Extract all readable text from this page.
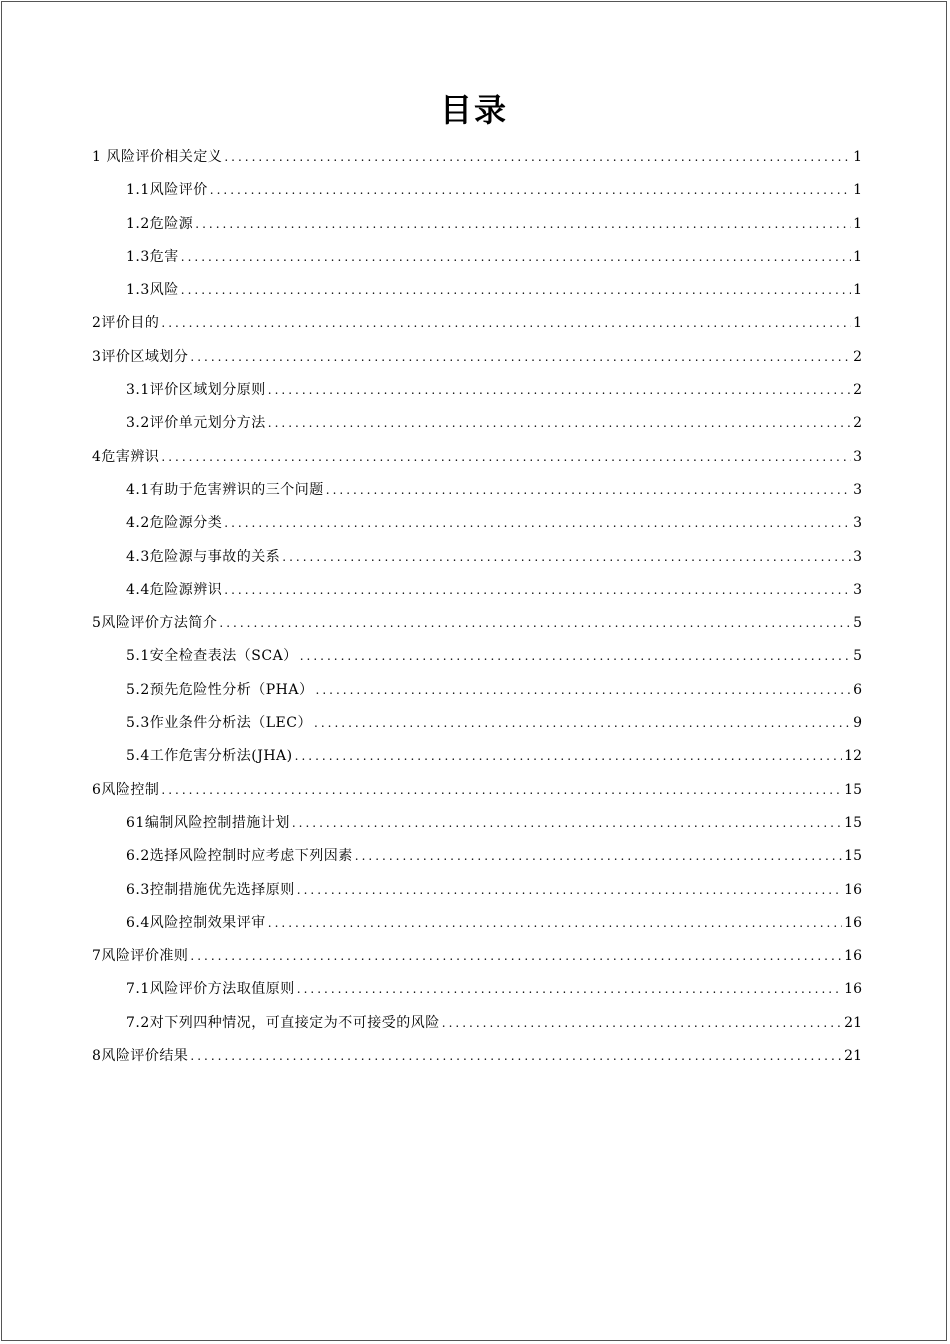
目录
1 风险评价相关定义 .....	1
1.1风险评价 .....	1
1.2危险源 .....	1
1.3危害 .....	1
1.3风险 .....	1
2评价目的 .....	1
3评价区域划分 .....	2
3.1评价区域划分原则 .....	2
3.2评价单元划分方法 .....	2
4危害辨识 .....	3
4.1有助于危害辨识的三个问题 .....	3
4.2危险源分类 .....	3
4.3危险源与事故的关系 .....	3
4.4危险源辨识 .....	3
5风险评价方法简介 .....	5
5.1安全检查表法（SCA） .....	5
5.2预先危险性分析（PHA） .....	6
5.3作业条件分析法（LEC） .....	9
5.4工作危害分析法(JHA) .....	12
6风险控制 .....	15
61编制风险控制措施计划 .....	15
6.2选择风险控制时应考虑下列因素 .....	15
6.3控制措施优先选择原则 .....	16
6.4风险控制效果评审 .....	16
7风险评价准则 .....	16
7.1风险评价方法取值原则 .....	16
7.2对下列四种情况，可直接定为不可接受的风险 .....	21
8风险评价结果 .....	21
